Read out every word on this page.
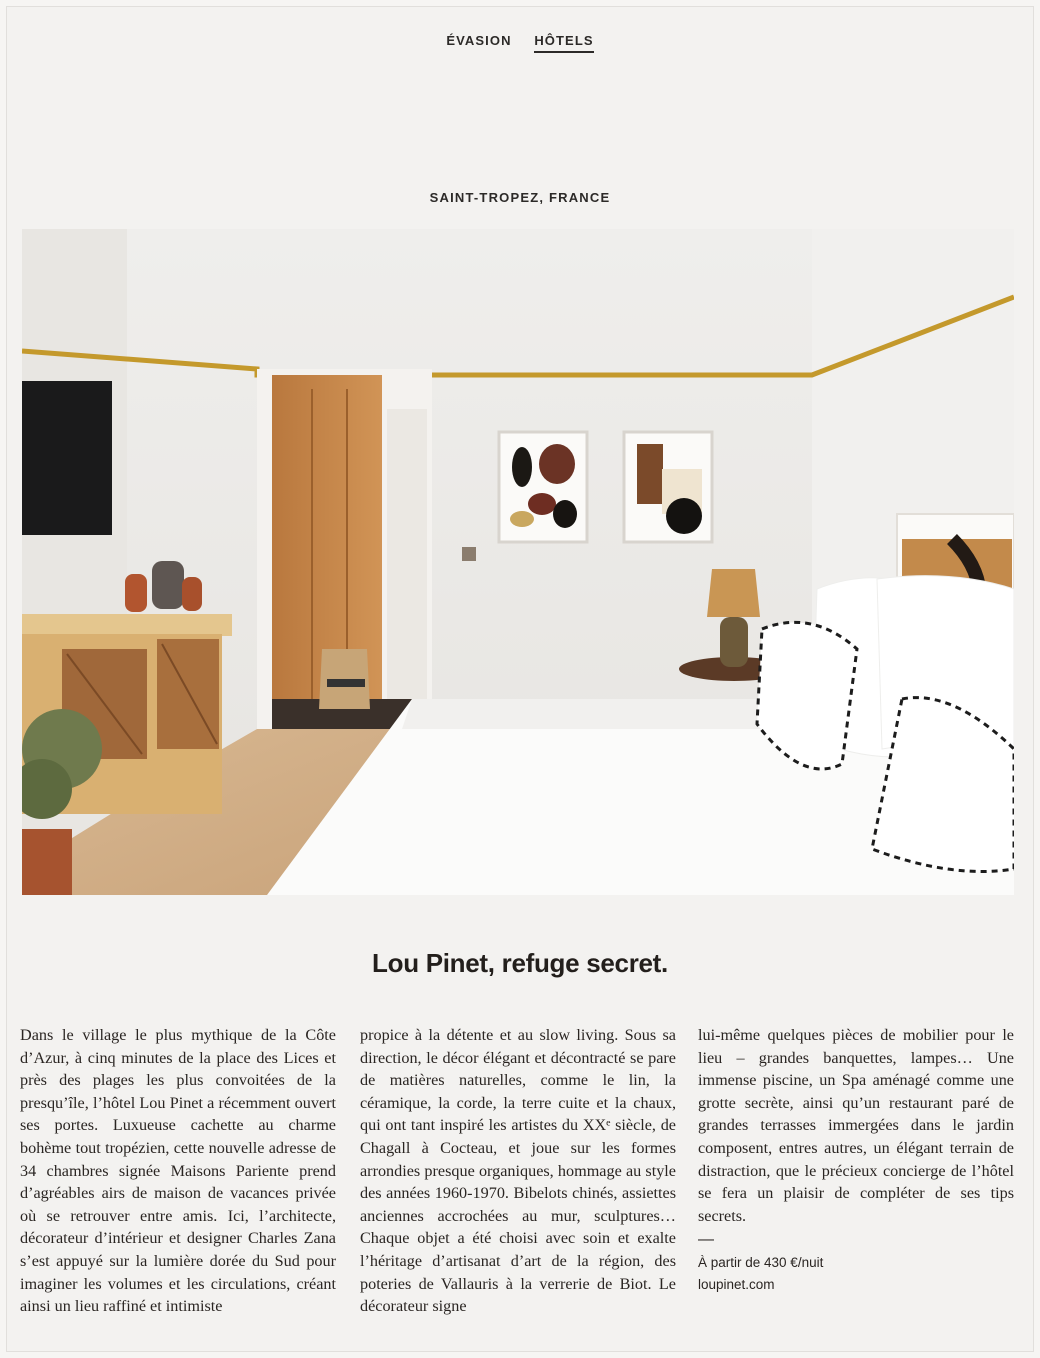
ÉVASION HÔTELS
SAINT-TROPEZ, FRANCE
Lou Pinet, refuge secret.

Dans le village le plus mythique de la Côte d’Azur, à cinq minutes de la place des Lices et près des plages les plus convoitées de la presqu’île, l’hôtel Lou Pinet a récemment ouvert ses portes. Luxueuse cachette au charme bohème tout tropézien, cette nouvelle adresse de 34 chambres signée Maisons Pariente prend d’agréables airs de maison de vacances privée où se retrouver entre amis. Ici, l’architecte, décorateur d’intérieur et designer Charles Zana s’est appuyé sur la lumière dorée du Sud pour imaginer les volumes et les circulations, créant ainsi un lieu raffiné et intimiste

propice à la détente et au slow living. Sous sa direction, le décor élégant et décontracté se pare de matières naturelles, comme le lin, la céramique, la corde, la terre cuite et la chaux, qui ont tant inspiré les artistes du XXᵉ siècle, de Chagall à Cocteau, et joue sur les formes arrondies presque organiques, hommage au style des années 1960-1970. Bibelots chinés, assiettes anciennes accrochées au mur, sculptures… Chaque objet a été choisi avec soin et exalte l’héritage d’artisanat d’art de la région, des poteries de Vallauris à la verrerie de Biot. Le décorateur signe

lui-même quelques pièces de mobilier pour le lieu – grandes banquettes, lampes… Une immense piscine, un Spa aménagé comme une grotte secrète, ainsi qu’un restaurant paré de grandes terrasses immergées dans le jardin composent, entres autres, un élégant terrain de distraction, que le précieux concierge de l’hôtel se fera un plaisir de compléter de ses tips secrets.

—
À partir de 430 €/nuit
loupinet.com
